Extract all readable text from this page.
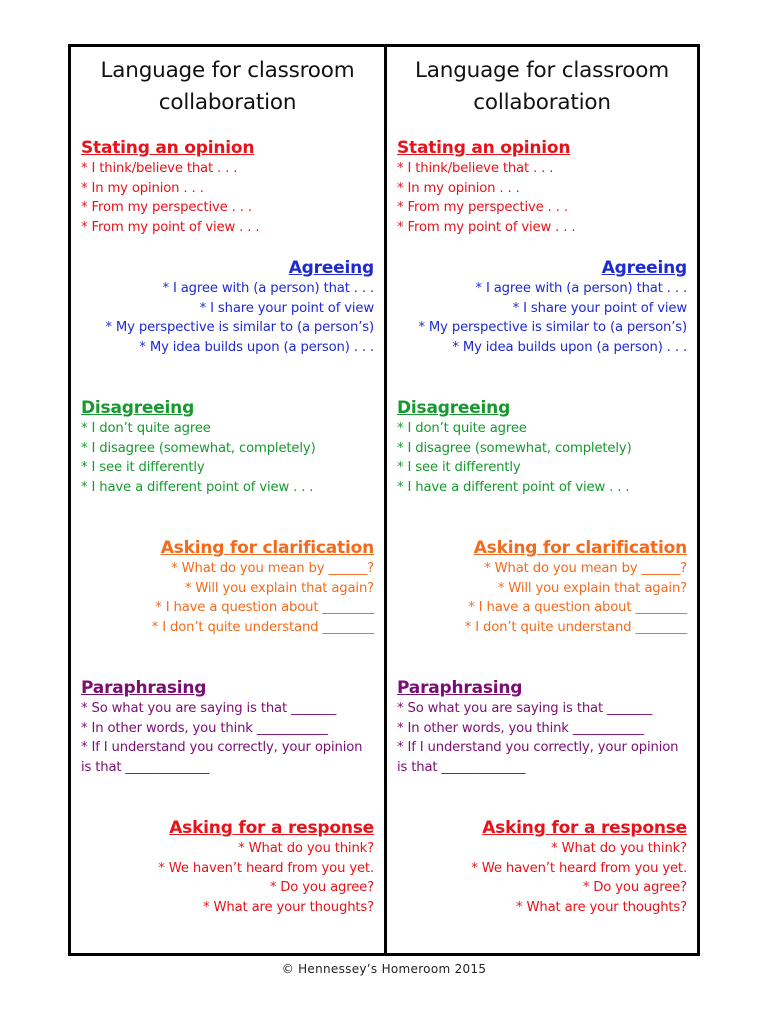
Language for classroom collaboration
Stating an opinion
* I think/believe that . . .
* In my opinion . . .
* From my perspective . . .
* From my point of view . . .
Agreeing
* I agree with (a person) that . . .
* I share your point of view
* My perspective is similar to (a person’s)
* My idea builds upon (a person) . . .
Disagreeing
* I don’t quite agree
* I disagree (somewhat, completely)
* I see it differently
* I have a different point of view . . .
Asking for clarification
* What do you mean by ______?
* Will you explain that again?
* I have a question about ________
* I don’t quite understand ________
Paraphrasing
* So what you are saying is that _______
* In other words, you think ___________
* If I understand you correctly, your opinion is that _____________
Asking for a response
* What do you think?
* We haven’t heard from you yet.
* Do you agree?
* What are your thoughts?
Language for classroom collaboration
Stating an opinion
* I think/believe that . . .
* In my opinion . . .
* From my perspective . . .
* From my point of view . . .
Agreeing
* I agree with (a person) that . . .
* I share your point of view
* My perspective is similar to (a person’s)
* My idea builds upon (a person) . . .
Disagreeing
* I don’t quite agree
* I disagree (somewhat, completely)
* I see it differently
* I have a different point of view . . .
Asking for clarification
* What do you mean by ______?
* Will you explain that again?
* I have a question about ________
* I don’t quite understand ________
Paraphrasing
* So what you are saying is that _______
* In other words, you think ___________
* If I understand you correctly, your opinion is that _____________
Asking for a response
* What do you think?
* We haven’t heard from you yet.
* Do you agree?
* What are your thoughts?
© Hennessey’s Homeroom 2015
